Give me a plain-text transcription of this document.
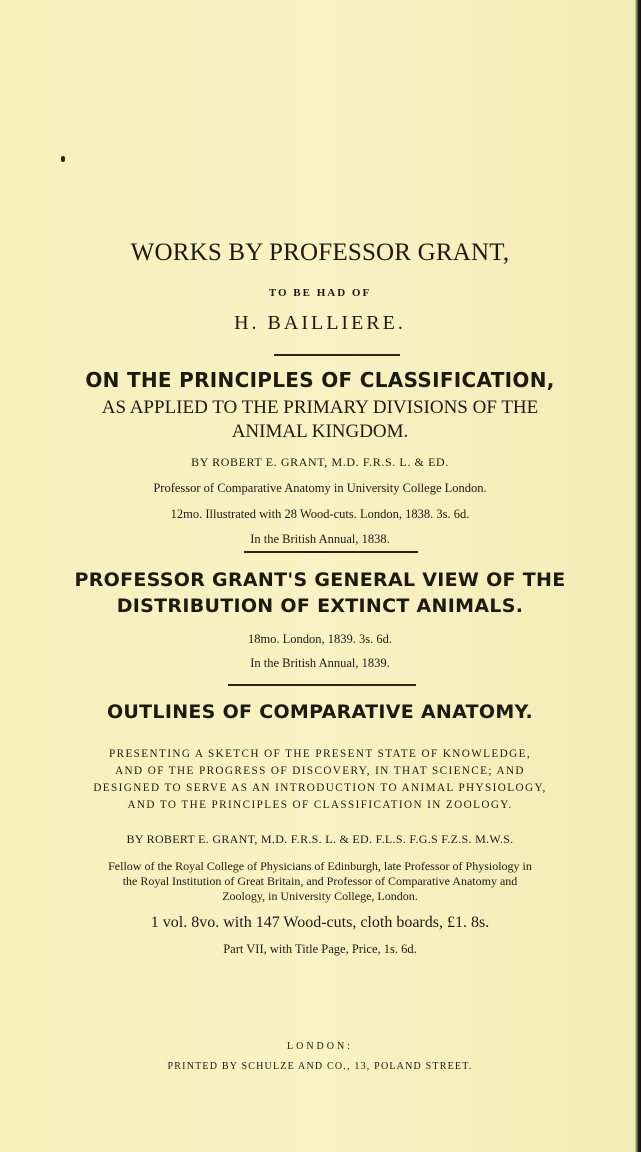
WORKS BY PROFESSOR GRANT,
TO BE HAD OF
H. BAILLIERE.
ON THE PRINCIPLES OF CLASSIFICATION,
AS APPLIED TO THE PRIMARY DIVISIONS OF THE
ANIMAL KINGDOM.
BY ROBERT E. GRANT, M.D. F.R.S. L. & ED.
Professor of Comparative Anatomy in University College London.
12mo. Illustrated with 28 Wood-cuts. London, 1838. 3s. 6d.
In the British Annual, 1838.
PROFESSOR GRANT'S GENERAL VIEW OF THE
DISTRIBUTION OF EXTINCT ANIMALS.
18mo. London, 1839. 3s. 6d.
In the British Annual, 1839.
OUTLINES OF COMPARATIVE ANATOMY.
PRESENTING A SKETCH OF THE PRESENT STATE OF KNOWLEDGE,
AND OF THE PROGRESS OF DISCOVERY, IN THAT SCIENCE; AND
DESIGNED TO SERVE AS AN INTRODUCTION TO ANIMAL PHYSIOLOGY,
AND TO THE PRINCIPLES OF CLASSIFICATION IN ZOOLOGY.
BY ROBERT E. GRANT, M.D. F.R.S. L. & ED. F.L.S. F.G.S F.Z.S. M.W.S.
Fellow of the Royal College of Physicians of Edinburgh, late Professor of Physiology in
the Royal Institution of Great Britain, and Professor of Comparative Anatomy and
Zoology, in University College, London.
1 vol. 8vo. with 147 Wood-cuts, cloth boards, £1. 8s.
Part VII, with Title Page, Price, 1s. 6d.
LONDON:
PRINTED BY SCHULZE AND CO., 13, POLAND STREET.
